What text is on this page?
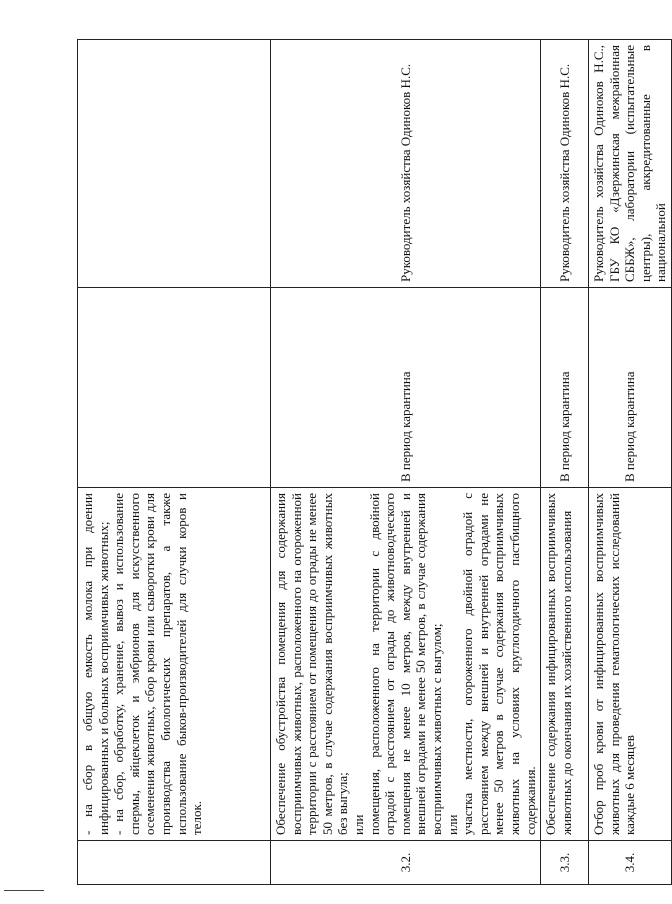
	- на сбор в общую емкость молока при доении инфицированных и больных восприимчивых животных; - на сбор, обработку, хранение, вывоз и использование спермы, яйцеклеток и эмбрионов для искусственного осеменения животных, сбор крови или сыворотки крови для производства биологических препаратов, а также использование быков-производителей для случки коров и телок.		

3.2.	Обеспечение обустройства помещения для содержания восприимчивых животных, расположенного на огороженной территории с расстоянием от помещения до ограды не менее 50 метров, в случае содержания восприимчивых животных без выгула; или помещения, расположенного на территории с двойной оградой с расстоянием от ограды до животноводческого помещения не менее 10 метров, между внутренней и внешней оградами не менее 50 метров, в случае содержания восприимчивых животных с выгулом; или участка местности, огороженного двойной оградой с расстоянием между внешней и внутренней оградами не менее 50 метров в случае содержания восприимчивых животных на условиях круглогодичного пастбищного содержания.	В период карантина	Руководитель хозяйства Одиноков Н.С.
3.3.	Обеспечение содержания инфицированных восприимчивых животных до окончания их хозяйственного использования	В период карантина	Руководитель хозяйства Одиноков Н.С.
3.4.	Отбор проб крови от инфицированных восприимчивых животных для проведения гематологических исследований каждые 6 месяцев	В период карантина	Руководитель хозяйства Одиноков Н.С., ГБУ КО «Дзержинская межрайонная СББЖ», лаборатории (испытательные центры), аккредитованные в национальной
